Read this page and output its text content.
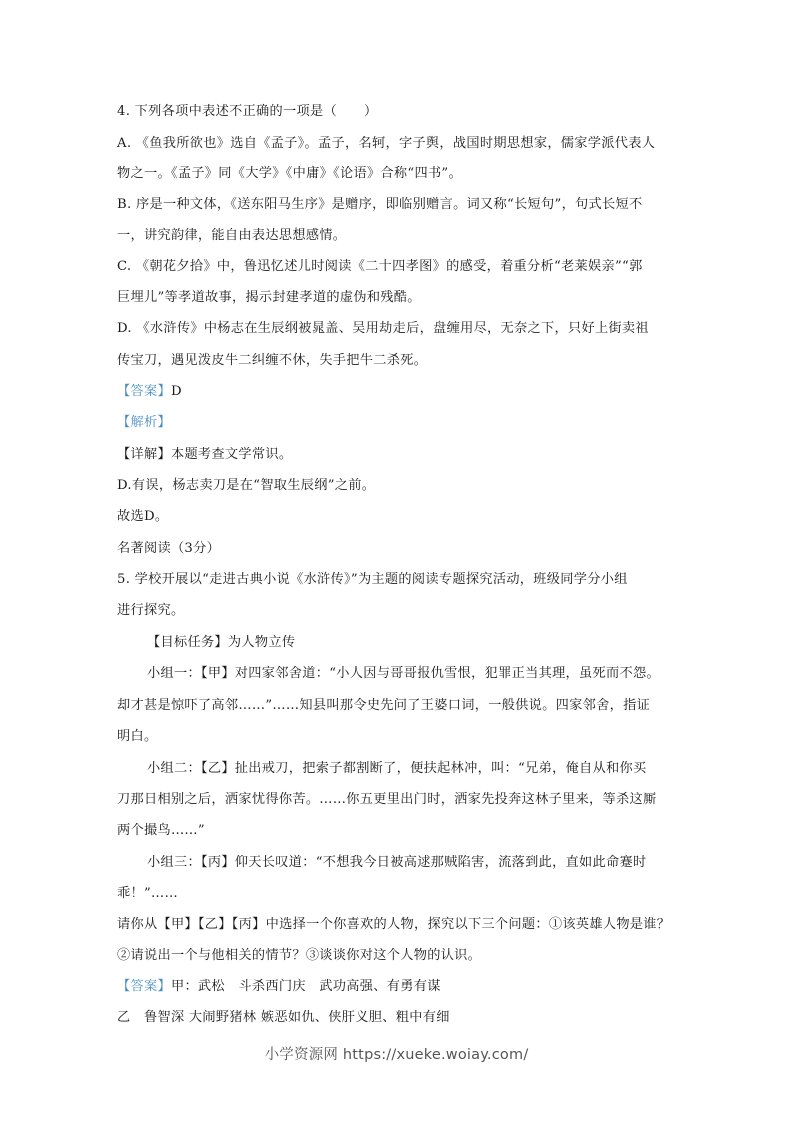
4. 下列各项中表述不正确的一项是（　　）
A. 《鱼我所欲也》选自《孟子》。孟子，名轲，字子舆，战国时期思想家，儒家学派代表人
物之一。《孟子》同《大学》《中庸》《论语》合称“四书”。
B. 序是一种文体，《送东阳马生序》是赠序，即临别赠言。词又称“长短句”，句式长短不
一，讲究韵律，能自由表达思想感情。
C. 《朝花夕拾》中，鲁迅忆述儿时阅读《二十四孝图》的感受，着重分析“老莱娱亲”“郭
巨埋儿”等孝道故事，揭示封建孝道的虚伪和残酷。
D. 《水浒传》中杨志在生辰纲被晁盖、吴用劫走后，盘缠用尽，无奈之下，只好上街卖祖
传宝刀，遇见泼皮牛二纠缠不休，失手把牛二杀死。
【答案】D
【解析】
【详解】本题考查文学常识。
D.有误，杨志卖刀是在“智取生辰纲”之前。
故选D。
名著阅读（3分）
5. 学校开展以“走进古典小说《水浒传》”为主题的阅读专题探究活动，班级同学分小组
进行探究。
【目标任务】为人物立传
小组一：【甲】对四家邻舍道：“小人因与哥哥报仇雪恨，犯罪正当其理，虽死而不怨。
却才甚是惊吓了高邻……”……知县叫那令史先问了王婆口词，一般供说。四家邻舍，指证
明白。
小组二：【乙】扯出戒刀，把索子都割断了，便扶起林冲，叫：“兄弟，俺自从和你买
刀那日相别之后，洒家忧得你苦。……你五更里出门时，洒家先投奔这林子里来，等杀这厮
两个撮鸟……”
小组三：【丙】仰天长叹道：“不想我今日被高逑那贼陷害，流落到此，直如此命蹇时
乖！”……
请你从【甲】【乙】【丙】中选择一个你喜欢的人物，探究以下三个问题：①该英雄人物是谁？
②请说出一个与他相关的情节？③谈谈你对这个人物的认识。
【答案】甲：武松　斗杀西门庆　武功高强、有勇有谋
乙　鲁智深 大闹野猪林 嫉恶如仇、侠肝义胆、粗中有细
小学资源网 https://xueke.woiay.com/
